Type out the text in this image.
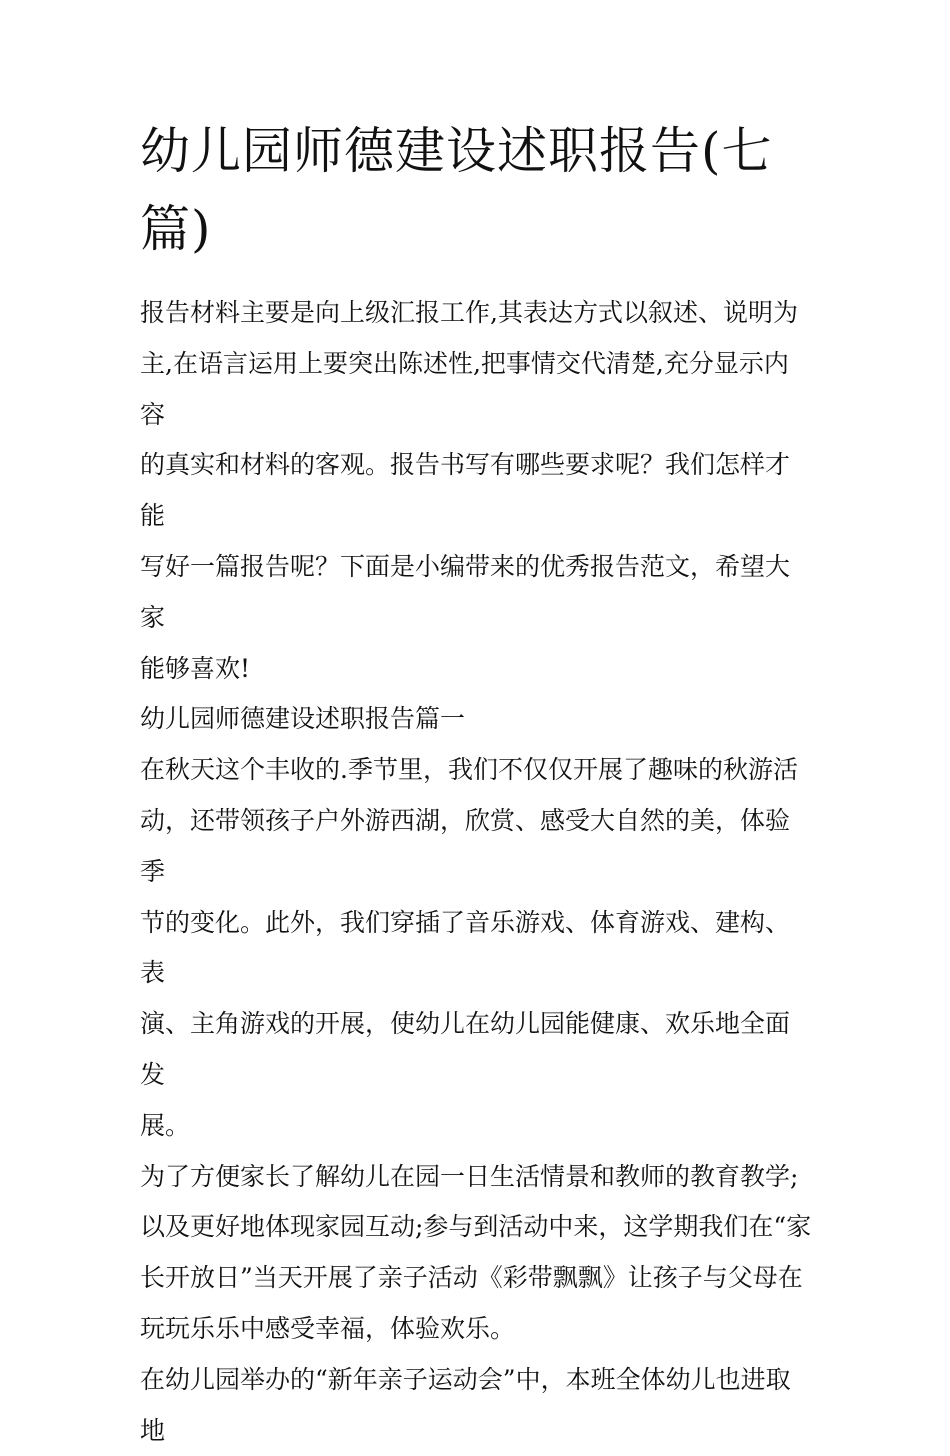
幼儿园师德建设述职报告(七
篇)

报告材料主要是向上级汇报工作,其表达方式以叙述、说明为
主,在语言运用上要突出陈述性,把事情交代清楚,充分显示内容
的真实和材料的客观。报告书写有哪些要求呢？我们怎样才能
写好一篇报告呢？下面是小编带来的优秀报告范文，希望大家
能够喜欢!

幼儿园师德建设述职报告篇一

在秋天这个丰收的.季节里，我们不仅仅开展了趣味的秋游活
动，还带领孩子户外游西湖，欣赏、感受大自然的美，体验季
节的变化。此外，我们穿插了音乐游戏、体育游戏、建构、表
演、主角游戏的开展，使幼儿在幼儿园能健康、欢乐地全面发
展。

为了方便家长了解幼儿在园一日生活情景和教师的教育教学;
以及更好地体现家园互动;参与到活动中来，这学期我们在“家
长开放日”当天开展了亲子活动《彩带飘飘》让孩子与父母在
玩玩乐乐中感受幸福，体验欢乐。

在幼儿园举办的“新年亲子运动会”中，本班全体幼儿也进取地
